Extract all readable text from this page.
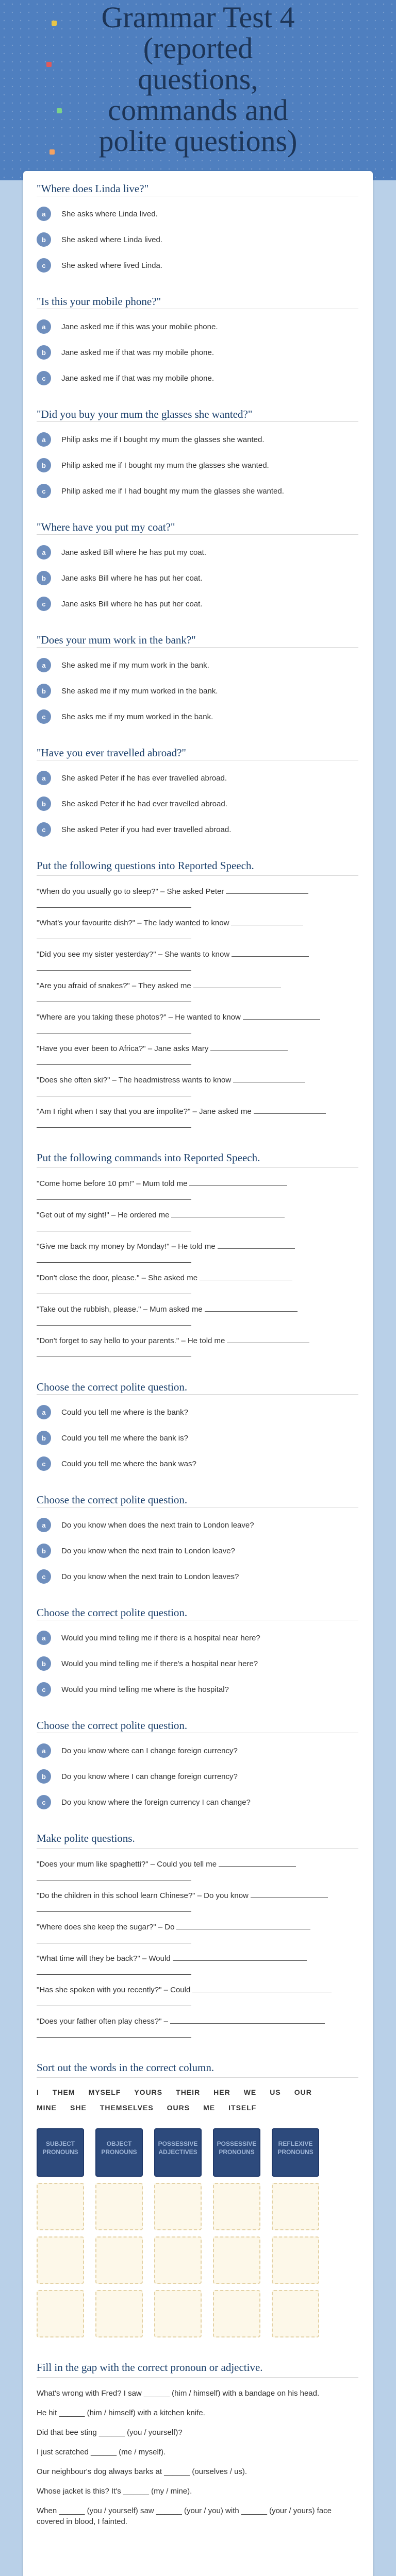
Grammar Test 4
(reported
questions,
commands and
polite questions)
"Where does Linda live?"
a	She asks where Linda lived.
b	She asked where Linda lived.
c	She asked where lived Linda.
"Is this your mobile phone?"
a	Jane asked me if this was your mobile phone.
b	Jane asked me if that was my mobile phone.
c	Jane asked me if that was my mobile phone.
"Did you buy your mum the glasses she wanted?"
a	Philip asks me if I bought my mum the glasses she wanted.
b	Philip asked me if I bought my mum the glasses she wanted.
c	Philip asked me if I had bought my mum the glasses she wanted.
"Where have you put my coat?"
a	Jane asked Bill where he has put my coat.
b	Jane asks Bill where he has put her coat.
c	Jane asks Bill where he has put her coat.
"Does your mum work in the bank?"
a	She asked me if my mum work in the bank.
b	She asked me if my mum worked in the bank.
c	She asks me if my mum worked in the bank.
"Have you ever travelled abroad?"
a	She asked Peter if he has ever travelled abroad.
b	She asked Peter if he had ever travelled abroad.
c	She asked Peter if you had ever travelled abroad.
Put the following questions into Reported Speech.
"When do you usually go to sleep?" – She asked Peter
"What's your favourite dish?" – The lady wanted to know
"Did you see my sister yesterday?" – She wants to know
"Are you afraid of snakes?" – They asked me
"Where are you taking these photos?" – He wanted to know
"Have you ever been to Africa?" – Jane asks Mary
"Does she often ski?" – The headmistress wants to know
"Am I right when I say that you are impolite?" – Jane asked me
Put the following commands into Reported Speech.
"Come home before 10 pm!" – Mum told me
"Get out of my sight!" – He ordered me
"Give me back my money by Monday!" – He told me
"Don't close the door, please." – She asked me
"Take out the rubbish, please." – Mum asked me
"Don't forget to say hello to your parents." – He told me
Choose the correct polite question.
a	Could you tell me where is the bank?
b	Could you tell me where the bank is?
c	Could you tell me where the bank was?
Choose the correct polite question.
a	Do you know when does the next train to London leave?
b	Do you know when the next train to London leave?
c	Do you know when the next train to London leaves?
Choose the correct polite question.
a	Would you mind telling me if there is a hospital near here?
b	Would you mind telling me if there's a hospital near here?
c	Would you mind telling me where is the hospital?
Choose the correct polite question.
a	Do you know where can I change foreign currency?
b	Do you know where I can change foreign currency?
c	Do you know where the foreign currency I can change?
Make polite questions.
"Does your mum like spaghetti?" – Could you tell me
"Do the children in this school learn Chinese?" – Do you know
"Where does she keep the sugar?" – Do
"What time will they be back?" – Would
"Has she spoken with you recently?" – Could
"Does your father often play chess?" –
Sort out the words in the correct column.
I THEM MYSELF YOURS THEIR HER WE US OUR
MINE SHE THEMSELVES OURS ME ITSELF
SUBJECT PRONOUNS
OBJECT PRONOUNS
POSSESSIVE ADJECTIVES
POSSESSIVE PRONOUNS
REFLEXIVE PRONOUNS
Fill in the gap with the correct pronoun or adjective.
What's wrong with Fred? I saw ______ (him / himself) with a bandage on his head.
He hit ______ (him / himself) with a kitchen knife.
Did that bee sting ______ (you / yourself)?
I just scratched ______ (me / myself).
Our neighbour's dog always barks at ______ (ourselves / us).
Whose jacket is this? It's ______ (my / mine).
When ______ (you / yourself) saw ______ (your / you) with ______ (your / yours) face covered in blood, I fainted.
